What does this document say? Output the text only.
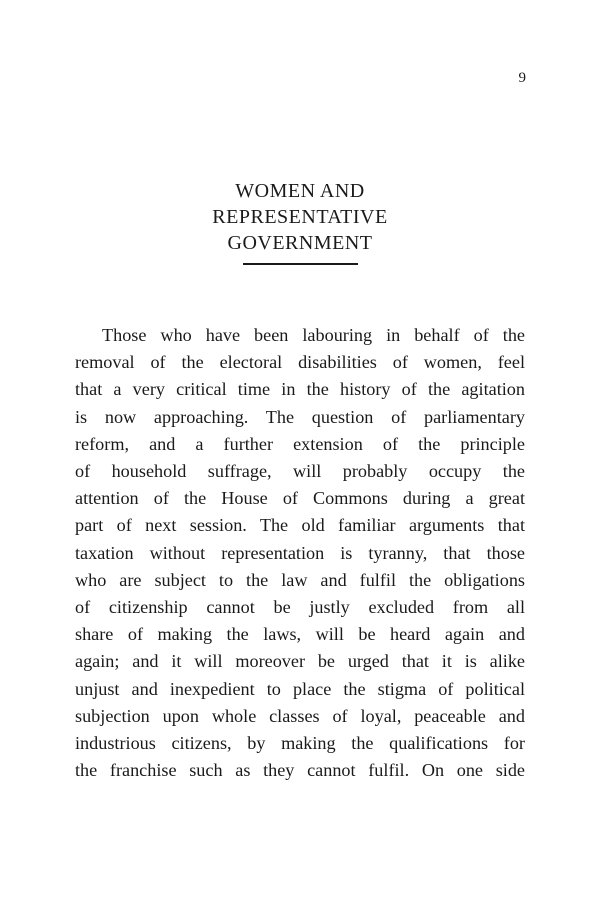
9
WOMEN AND
REPRESENTATIVE
GOVERNMENT
Those who have been labouring in behalf of the
removal of the electoral disabilities of women, feel
that a very critical time in the history of the agitation
is now approaching. The question of parliamentary
reform, and a further extension of the principle
of household suffrage, will probably occupy the
attention of the House of Commons during a great
part of next session. The old familiar arguments that
taxation without representation is tyranny, that those
who are subject to the law and fulfil the obligations
of citizenship cannot be justly excluded from all
share of making the laws, will be heard again and
again; and it will moreover be urged that it is alike
unjust and inexpedient to place the stigma of political
subjection upon whole classes of loyal, peaceable and
industrious citizens, by making the qualifications for
the franchise such as they cannot fulfil. On one side
